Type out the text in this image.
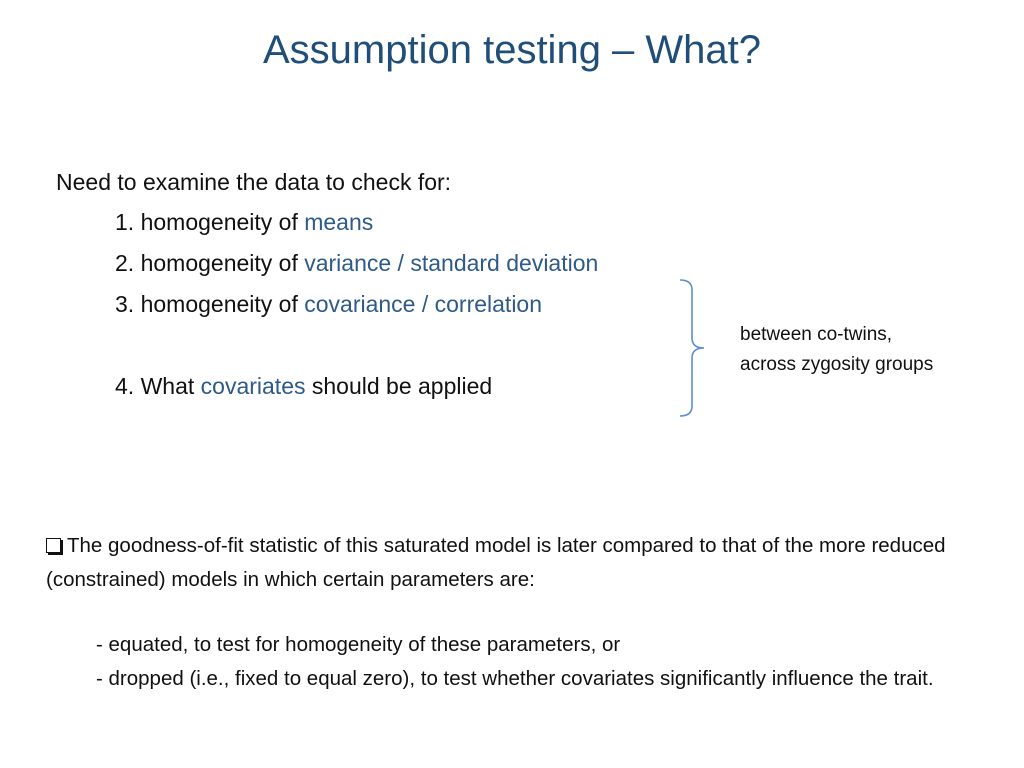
Assumption testing – What?
Need to examine the data to check for:
1. homogeneity of means
2. homogeneity of variance / standard deviation
3. homogeneity of covariance / correlation
4. What covariates should be applied
between co-twins,
across zygosity groups
The goodness-of-fit statistic of this saturated model is later compared to that of the more reduced (constrained) models in which certain parameters are:
- equated, to test for homogeneity of these parameters, or
- dropped (i.e., fixed to equal zero), to test whether covariates significantly influence the trait.
